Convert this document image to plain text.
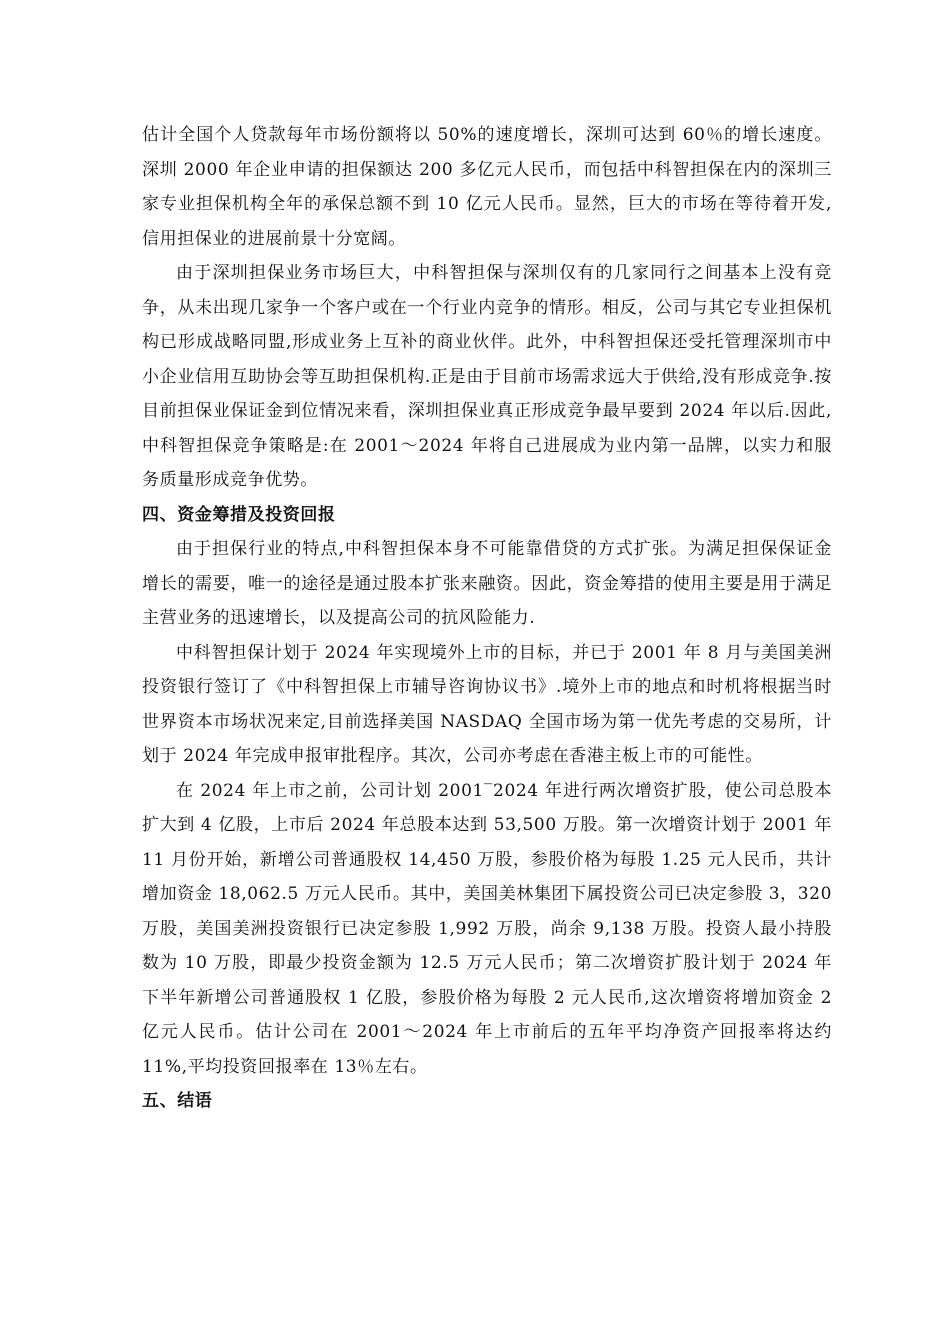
估计全国个人贷款每年市场份额将以 50%的速度增长，深圳可达到 60％的增长速度。深圳 2000 年企业申请的担保额达 200 多亿元人民币，而包括中科智担保在内的深圳三家专业担保机构全年的承保总额不到 10 亿元人民币。显然，巨大的市场在等待着开发,信用担保业的进展前景十分宽阔。

由于深圳担保业务市场巨大，中科智担保与深圳仅有的几家同行之间基本上没有竞争，从未出现几家争一个客户或在一个行业内竞争的情形。相反，公司与其它专业担保机构已形成战略同盟,形成业务上互补的商业伙伴。此外，中科智担保还受托管理深圳市中小企业信用互助协会等互助担保机构.正是由于目前市场需求远大于供给,没有形成竞争.按目前担保业保证金到位情况来看，深圳担保业真正形成竞争最早要到 2024 年以后.因此,中科智担保竞争策略是:在 2001～2024 年将自己进展成为业内第一品牌，以实力和服务质量形成竞争优势。

四、资金筹措及投资回报

由于担保行业的特点,中科智担保本身不可能靠借贷的方式扩张。为满足担保保证金增长的需要，唯一的途径是通过股本扩张来融资。因此，资金筹措的使用主要是用于满足主营业务的迅速增长，以及提高公司的抗风险能力.

中科智担保计划于 2024 年实现境外上市的目标，并已于 2001 年 8 月与美国美洲投资银行签订了《中科智担保上市辅导咨询协议书》.境外上市的地点和时机将根据当时世界资本市场状况来定,目前选择美国 NASDAQ 全国市场为第一优先考虑的交易所，计划于 2024 年完成申报审批程序。其次，公司亦考虑在香港主板上市的可能性。

在 2024 年上市之前，公司计划 2001‾2024 年进行两次增资扩股，使公司总股本扩大到 4 亿股，上市后 2024 年总股本达到 53,500 万股。第一次增资计划于 2001 年 11 月份开始，新增公司普通股权 14,450 万股，参股价格为每股 1.25 元人民币，共计增加资金 18,062.5 万元人民币。其中，美国美林集团下属投资公司已决定参股 3，320 万股，美国美洲投资银行已决定参股 1,992 万股，尚余 9,138 万股。投资人最小持股数为 10 万股，即最少投资金额为 12.5 万元人民币；第二次增资扩股计划于 2024 年下半年新增公司普通股权 1 亿股，参股价格为每股 2 元人民币,这次增资将增加资金 2 亿元人民币。估计公司在 2001～2024 年上市前后的五年平均净资产回报率将达约 11%,平均投资回报率在 13％左右。

五、结语
